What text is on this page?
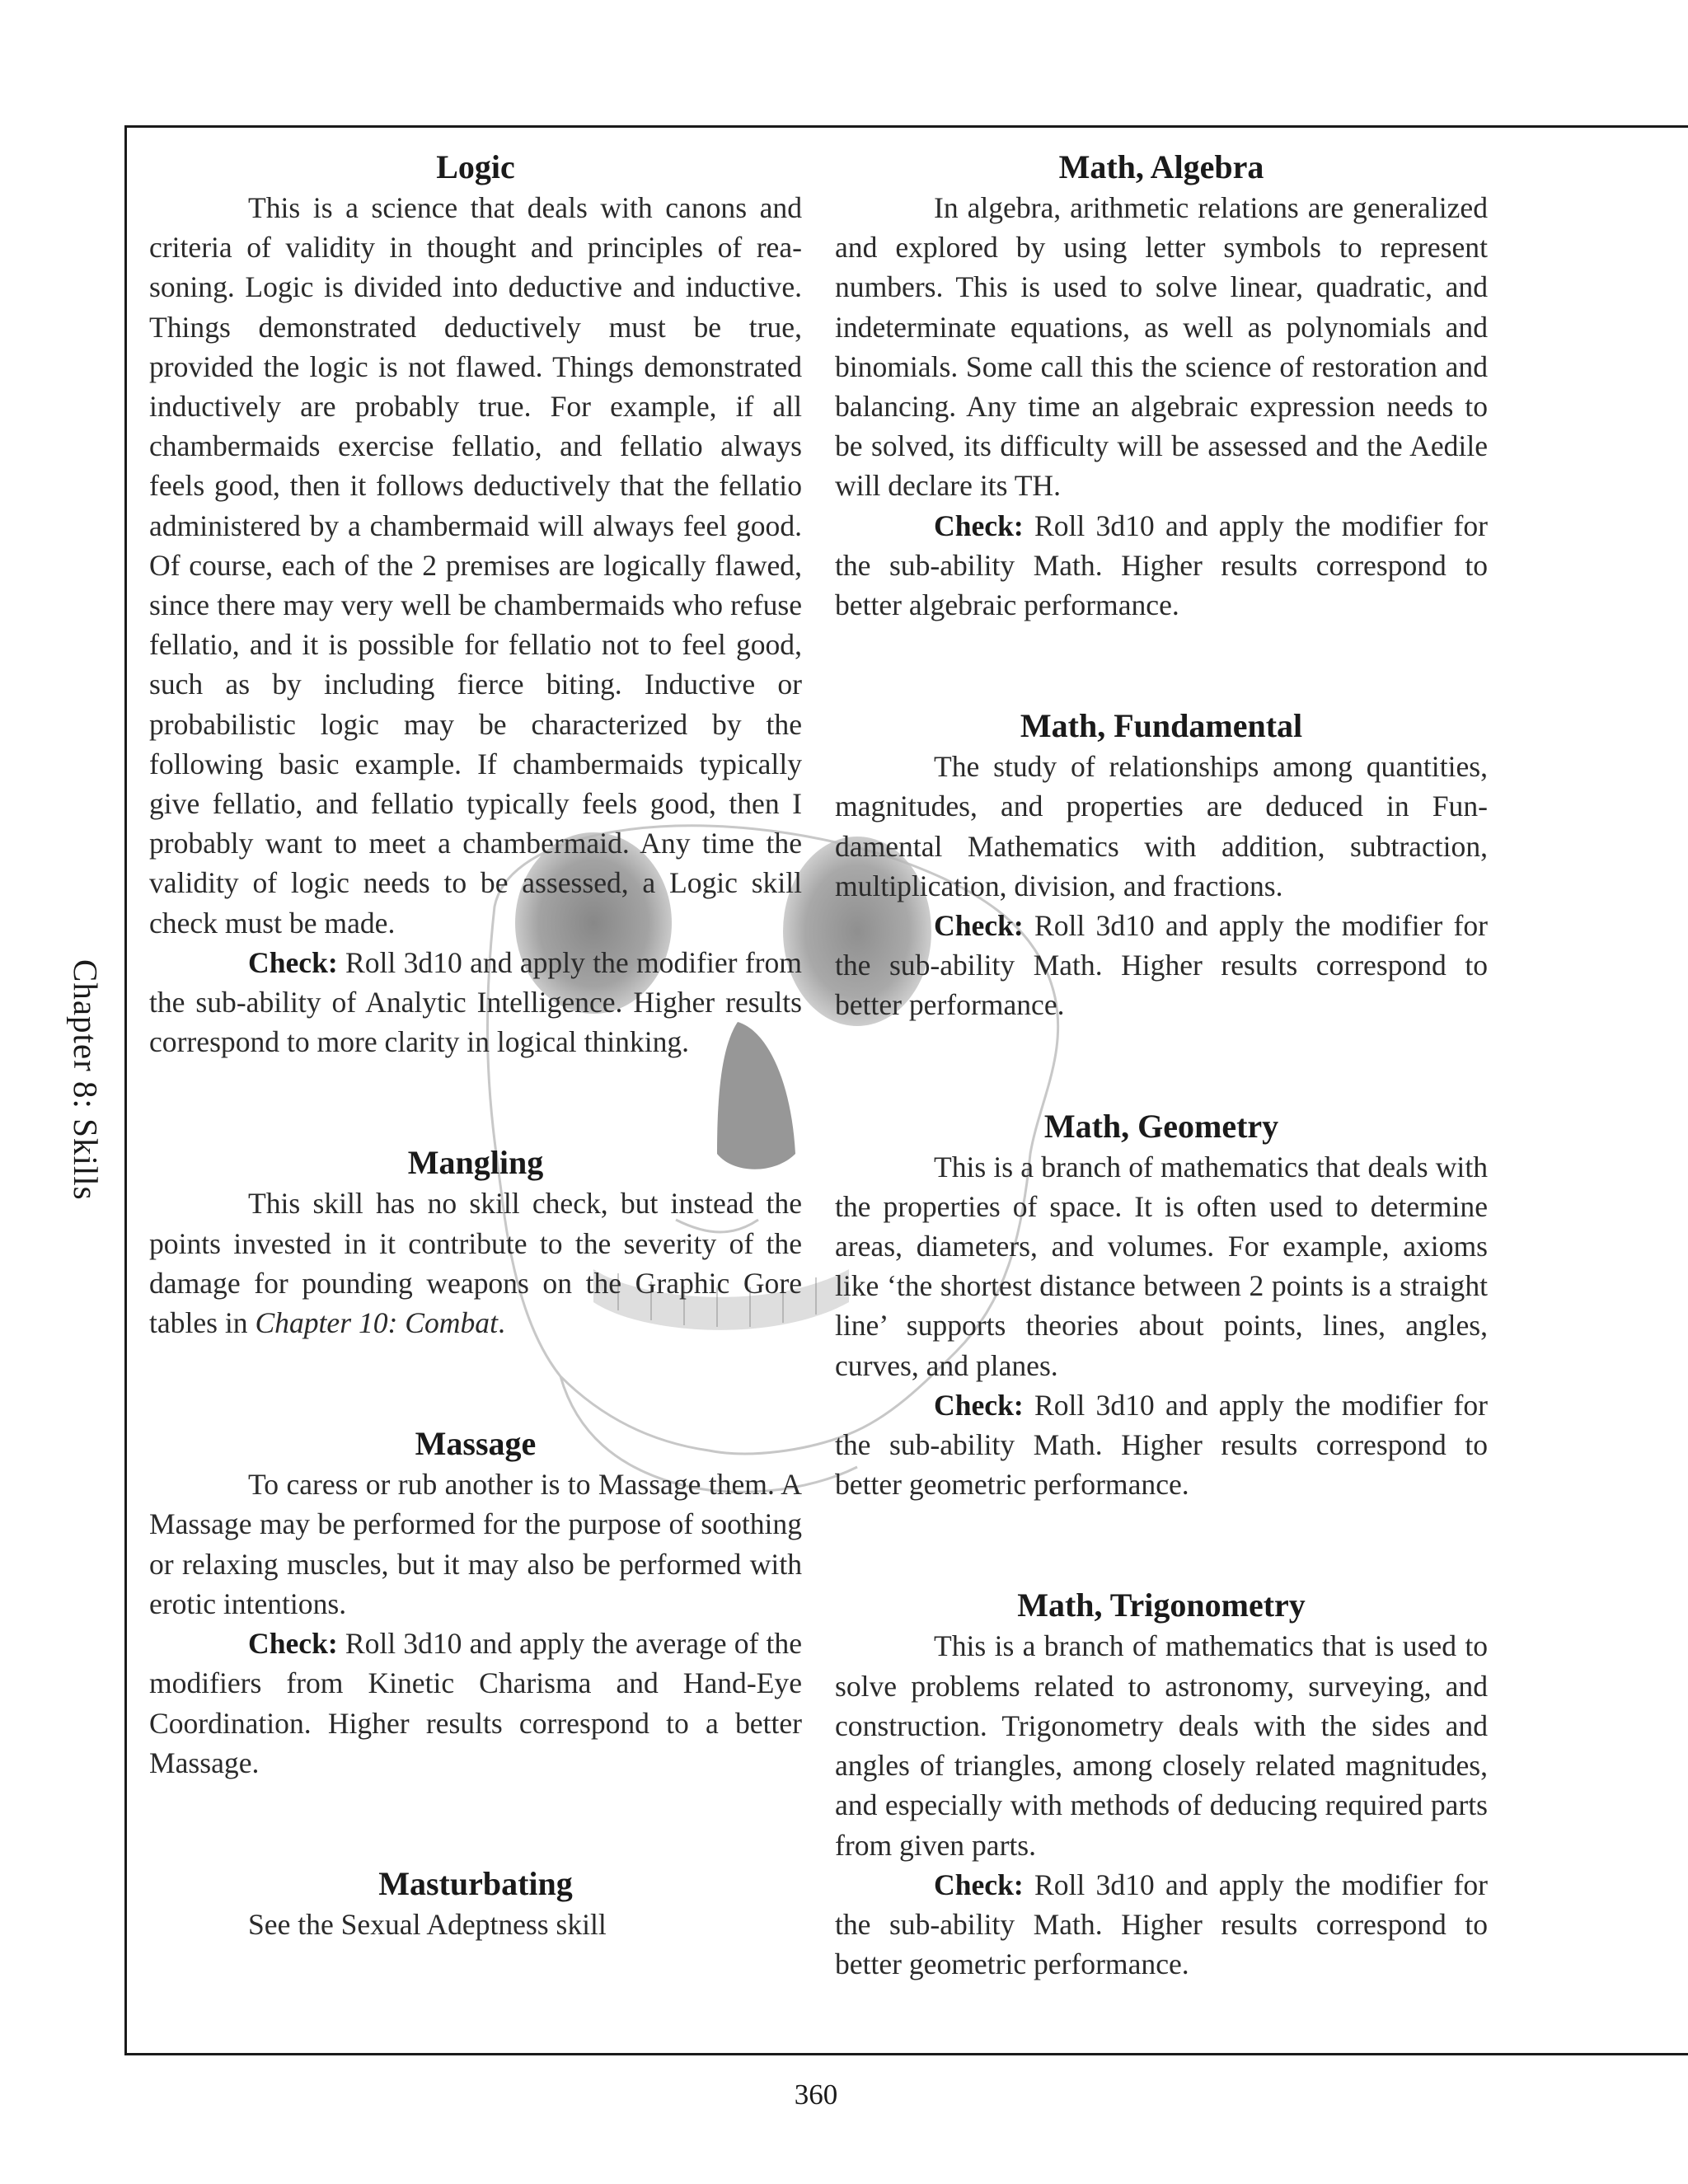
Chapter 8: Skills
Logic

This is a science that deals with canons and criteria of validity in thought and principles of reasoning. Logic is divided into deductive and inductive. Things demonstrated deductively must be true, provided the logic is not flawed. Things demonstrated inductively are probably true. For example, if all chambermaids exercise fellatio, and fellatio always feels good, then it follows deductively that the fellatio administered by a chambermaid will always feel good. Of course, each of the 2 premises are logically flawed, since there may very well be chambermaids who refuse fellatio, and it is possible for fellatio not to feel good, such as by including fierce biting. Inductive or probabilistic logic may be characterized by the following basic example. If chambermaids typically give fellatio, and fellatio typically feels good, then I probably want to meet a chambermaid. Any time the validity of logic needs to be assessed, a Logic skill check must be made.

Check: Roll 3d10 and apply the modifier from the sub-ability of Analytic Intelligence. Higher results correspond to more clarity in logical thinking.

Mangling

This skill has no skill check, but instead the points invested in it contribute to the severity of the damage for pounding weapons on the Graphic Gore tables in Chapter 10: Combat.

Massage

To caress or rub another is to Massage them. A Massage may be performed for the purpose of soothing or relaxing muscles, but it may also be performed with erotic intentions.

Check: Roll 3d10 and apply the average of the modifiers from Kinetic Charisma and Hand-Eye Coordination. Higher results correspond to a better Massage.

Masturbating

See the Sexual Adeptness skill

Math, Algebra

In algebra, arithmetic relations are generalized and explored by using letter symbols to represent numbers. This is used to solve linear, quadratic, and indeterminate equations, as well as polynomials and binomials. Some call this the science of restoration and balancing. Any time an algebraic expression needs to be solved, its difficulty will be assessed and the Aedile will declare its TH.

Check: Roll 3d10 and apply the modifier for the sub-ability Math. Higher results correspond to better algebraic performance.

Math, Fundamental

The study of relationships among quantities, magnitudes, and properties are deduced in Fundamental Mathematics with addition, subtraction, multiplication, division, and fractions.

Check: Roll 3d10 and apply the modifier for the sub-ability Math. Higher results correspond to better performance.

Math, Geometry

This is a branch of mathematics that deals with the properties of space. It is often used to determine areas, diameters, and volumes. For example, axioms like ‘the shortest distance between 2 points is a straight line’ supports theories about points, lines, angles, curves, and planes.

Check: Roll 3d10 and apply the modifier for the sub-ability Math. Higher results correspond to better geometric performance.

Math, Trigonometry

This is a branch of mathematics that is used to solve problems related to astronomy, surveying, and construction. Trigonometry deals with the sides and angles of triangles, among closely related magnitudes, and especially with methods of deducing required parts from given parts.

Check: Roll 3d10 and apply the modifier for the sub-ability Math. Higher results correspond to better geometric performance.

360
